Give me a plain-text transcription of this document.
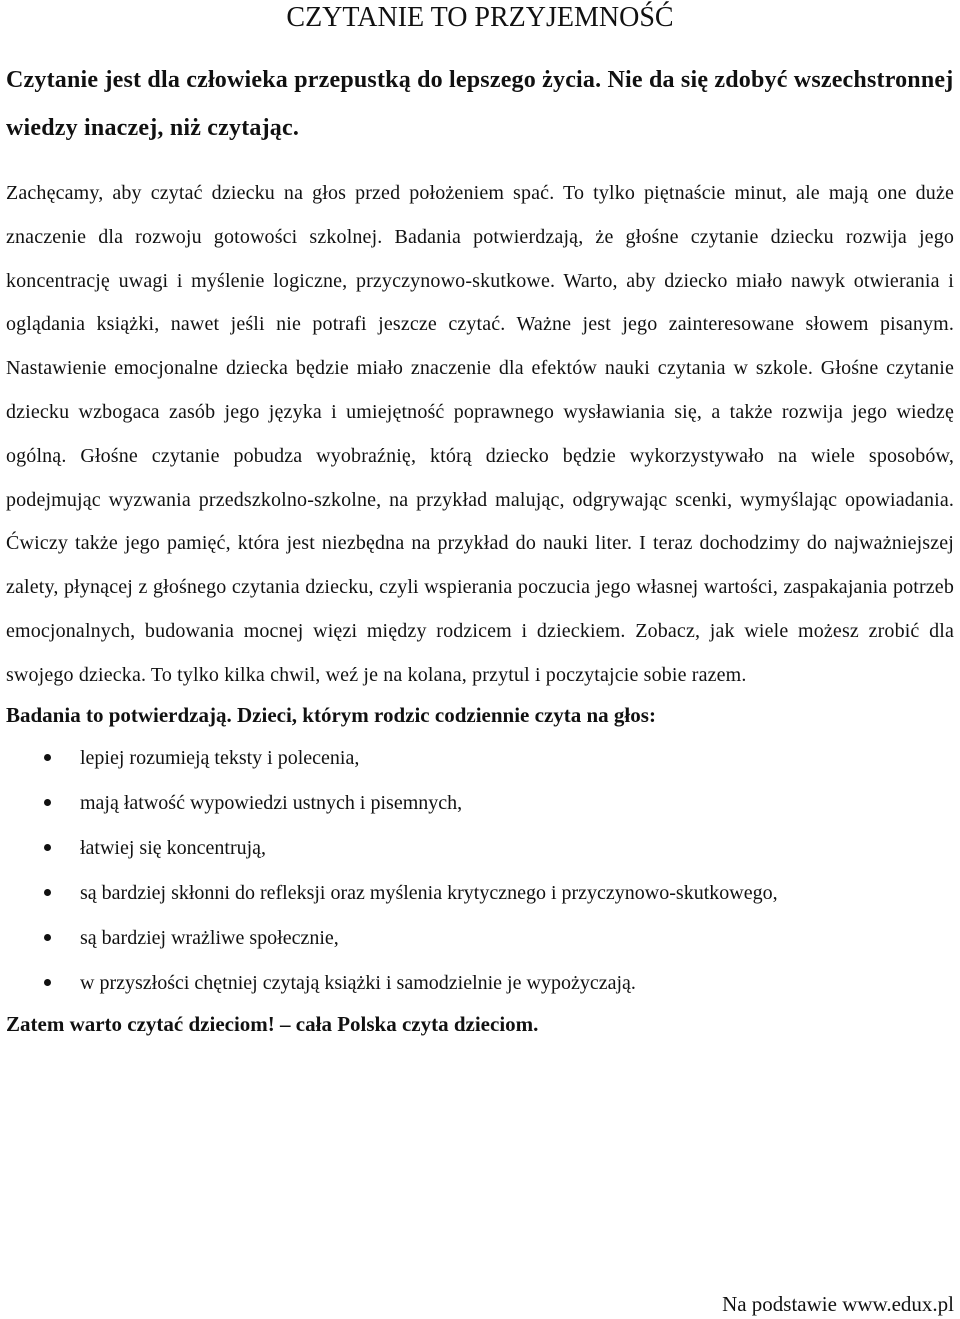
CZYTANIE TO PRZYJEMNOŚĆ

Czytanie jest dla człowieka przepustką do lepszego życia. Nie da się zdobyć wszechstronnej wiedzy inaczej, niż czytając.

Zachęcamy, aby czytać dziecku na głos przed położeniem spać. To tylko piętnaście minut, ale mają one duże znaczenie dla rozwoju gotowości szkolnej. Badania potwierdzają, że głośne czytanie dziecku rozwija jego koncentrację uwagi i myślenie logiczne, przyczynowo-skutkowe. Warto, aby dziecko miało nawyk otwierania i oglądania książki, nawet jeśli nie potrafi jeszcze czytać. Ważne jest jego zainteresowane słowem pisanym. Nastawienie emocjonalne dziecka będzie miało znaczenie dla efektów nauki czytania w szkole. Głośne czytanie dziecku wzbogaca zasób jego języka i umiejętność poprawnego wysławiania się, a także rozwija jego wiedzę ogólną. Głośne czytanie pobudza wyobraźnię, którą dziecko będzie wykorzystywało na wiele sposobów, podejmując wyzwania przedszkolno-szkolne, na przykład malując, odgrywając scenki, wymyślając opowiadania. Ćwiczy także jego pamięć, która jest niezbędna na przykład do nauki liter. I teraz dochodzimy do najważniejszej zalety, płynącej z głośnego czytania dziecku, czyli wspierania poczucia jego własnej wartości, zaspakajania potrzeb emocjonalnych, budowania mocnej więzi między rodzicem i dzieckiem. Zobacz, jak wiele możesz zrobić dla swojego dziecka. To tylko kilka chwil, weź je na kolana, przytul i poczytajcie sobie razem.

Badania to potwierdzają. Dzieci, którym rodzic codziennie czyta na głos:

lepiej rozumieją teksty i polecenia,
mają łatwość wypowiedzi ustnych i pisemnych,
łatwiej się koncentrują,
są bardziej skłonni do refleksji oraz myślenia krytycznego i przyczynowo-skutkowego,
są bardziej wrażliwe społecznie,
w przyszłości chętniej czytają książki i samodzielnie je wypożyczają.

Zatem warto czytać dzieciom! – cała Polska czyta dzieciom.

Na podstawie www.edux.pl
